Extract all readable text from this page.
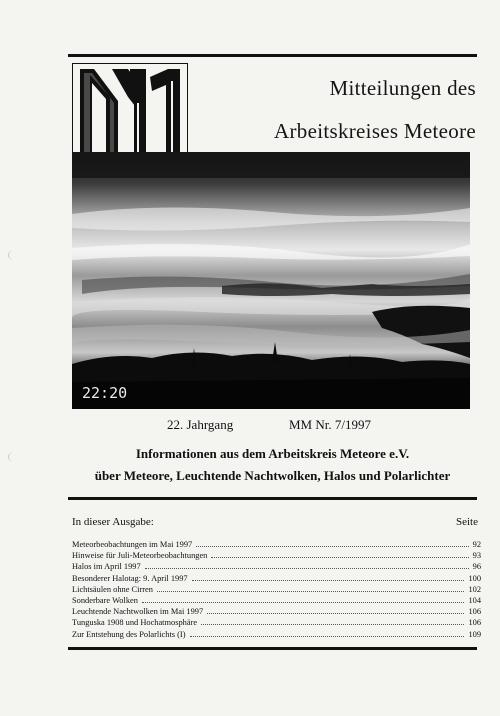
Mitteilungen des
Arbeitskreises Meteore
22:20
22. Jahrgang	MM Nr. 7/1997
Informationen aus dem Arbeitskreis Meteore e.V.
über Meteore, Leuchtende Nachtwolken, Halos und Polarlichter
In dieser Ausgabe:	Seite
Meteorbeobachtungen im Mai 1997	92
Hinweise für Juli-Meteorbeobachtungen	93
Halos im April 1997	96
Besonderer Halotag: 9. April 1997	100
Lichtsäulen ohne Cirren	102
Sonderbare Wolken	104
Leuchtende Nachtwolken im Mai 1997	106
Tunguska 1908 und Hochatmosphäre	106
Zur Entstehung des Polarlichts (I)	109
